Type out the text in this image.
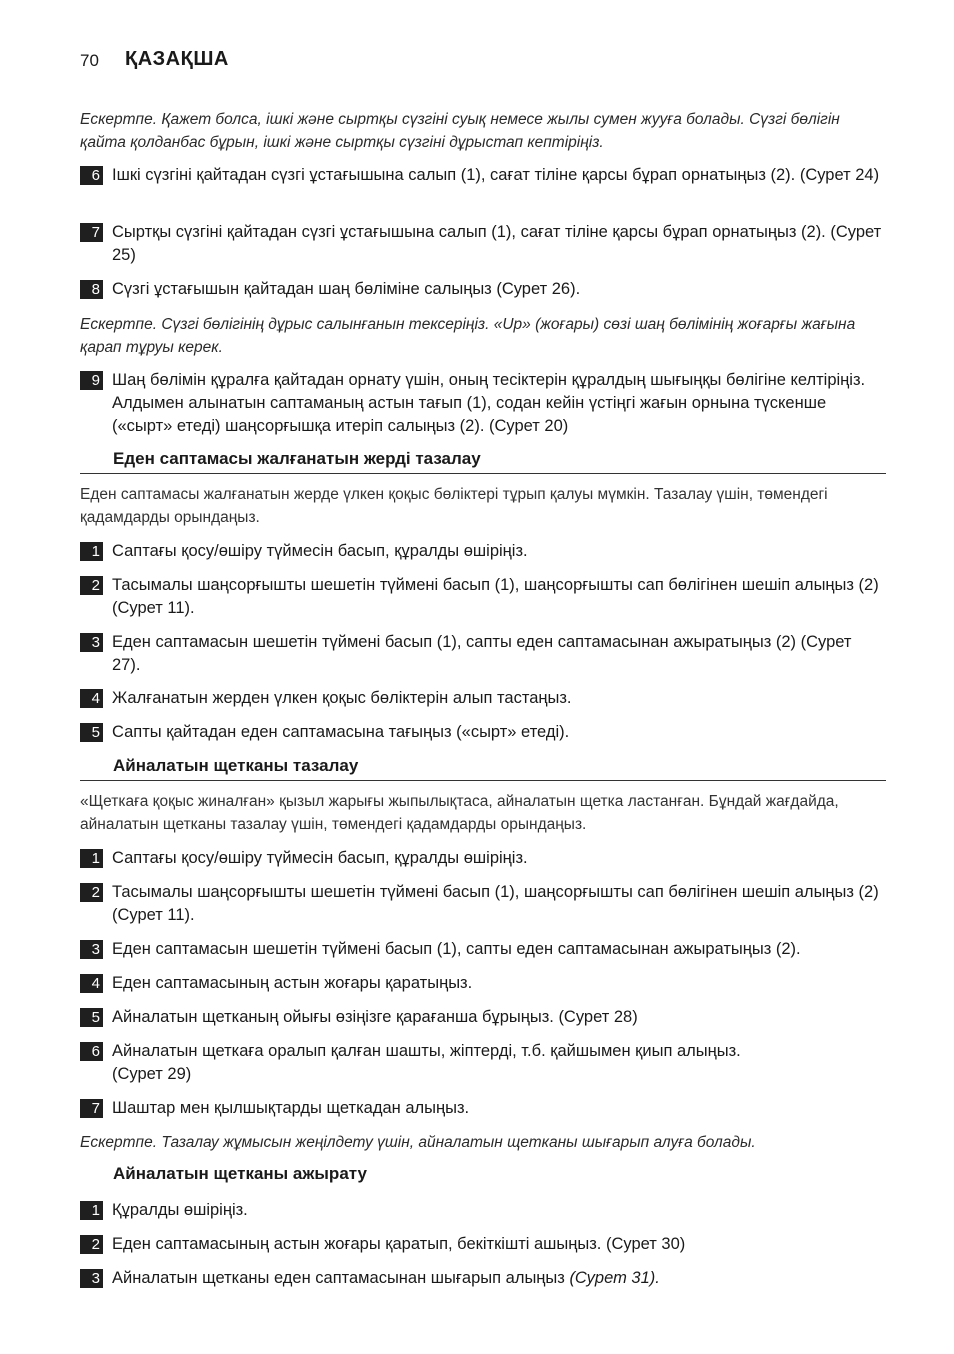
70 ҚАЗАҚША
Ескертпе. Қажет болса, ішкі және сыртқы сүзгіні суық немесе жылы сумен жууға болады. Сүзгі бөлігін қайта қолданбас бұрын, ішкі және сыртқы сүзгіні дұрыстап кептіріңіз.
6 Ішкі сүзгіні қайтадан сүзгі ұстағышына салып (1), сағат тіліне қарсы бұрап орнатыңыз (2). (Сурет 24)
7 Сыртқы сүзгіні қайтадан сүзгі ұстағышына салып (1), сағат тіліне қарсы бұрап орнатыңыз (2). (Сурет 25)
8 Сүзгі ұстағышын қайтадан шаң бөліміне салыңыз (Сурет 26).
Ескертпе. Сүзгі бөлігінің дұрыс салынғанын тексеріңіз. «Up» (жоғары) сөзі шаң бөлімінің жоғарғы жағына қарап тұруы керек.
9 Шаң бөлімін құралға қайтадан орнату үшін, оның тесіктерін құралдың шығыңқы бөлігіне келтіріңіз. Алдымен алынатын саптаманың астын тағып (1), содан кейін үстіңгі жағын орнына түскенше («сырт» етеді) шаңсорғышқа итеріп салыңыз (2). (Сурет 20)
Еден саптамасы жалғанатын жерді тазалау
Еден саптамасы жалғанатын жерде үлкен қоқыс бөліктері тұрып қалуы мүмкін. Тазалау үшін, төмендегі қадамдарды орындаңыз.
1 Саптағы қосу/өшіру түймесін басып, құралды өшіріңіз.
2 Тасымалы шаңсорғышты шешетін түймені басып (1), шаңсорғышты сап бөлігінен шешіп алыңыз (2) (Сурет 11).
3 Еден саптамасын шешетін түймені басып (1), сапты еден саптамасынан ажыратыңыз (2) (Сурет 27).
4 Жалғанатын жерден үлкен қоқыс бөліктерін алып тастаңыз.
5 Сапты қайтадан еден саптамасына тағыңыз («сырт» етеді).
Айналатын щетканы тазалау
«Щеткаға қоқыс жиналған» қызыл жарығы жыпылықтаса, айналатын щетка ластанған. Бұндай жағдайда, айналатын щетканы тазалау үшін, төмендегі қадамдарды орындаңыз.
1 Саптағы қосу/өшіру түймесін басып, құралды өшіріңіз.
2 Тасымалы шаңсорғышты шешетін түймені басып (1), шаңсорғышты сап бөлігінен шешіп алыңыз (2) (Сурет 11).
3 Еден саптамасын шешетін түймені басып (1), сапты еден саптамасынан ажыратыңыз (2).
4 Еден саптамасының астын жоғары қаратыңыз.
5 Айналатын щетканың ойығы өзіңізге қарағанша бұрыңыз. (Сурет 28)
6 Айналатын щеткаға оралып қалған шашты, жіптерді, т.б. қайшымен қиып алыңыз. (Сурет 29)
7 Шаштар мен қылшықтарды щеткадан алыңыз.
Ескертпе. Тазалау жұмысын жеңілдету үшін, айналатын щетканы шығарып алуға болады.
Айналатын щетканы ажырату
1 Құралды өшіріңіз.
2 Еден саптамасының астын жоғары қаратып, бекіткішті ашыңыз. (Сурет 30)
3 Айналатын щетканы еден саптамасынан шығарып алыңыз (Сурет 31).
